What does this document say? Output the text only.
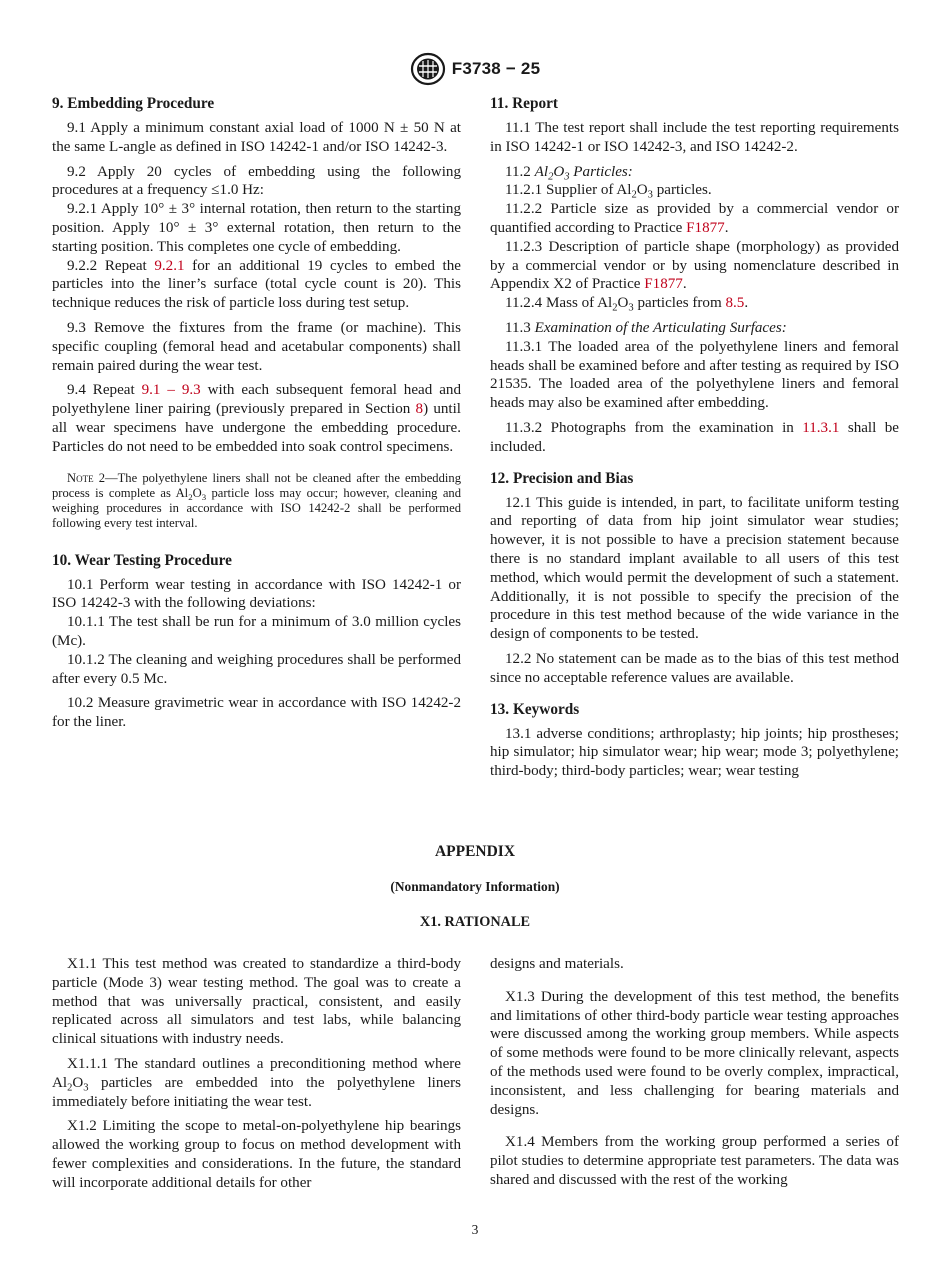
F3738 − 25
9. Embedding Procedure

9.1 Apply a minimum constant axial load of 1000 N ± 50 N at the same L-angle as defined in ISO 14242-1 and/or ISO 14242-3.

9.2 Apply 20 cycles of embedding using the following procedures at a frequency ≤1.0 Hz:

9.2.1 Apply 10° ± 3° internal rotation, then return to the starting position. Apply 10° ± 3° external rotation, then return to the starting position. This completes one cycle of embedding.

9.2.2 Repeat 9.2.1 for an additional 19 cycles to embed the particles into the liner’s surface (total cycle count is 20). This technique reduces the risk of particle loss during test setup.

9.3 Remove the fixtures from the frame (or machine). This specific coupling (femoral head and acetabular components) shall remain paired during the wear test.

9.4 Repeat 9.1 – 9.3 with each subsequent femoral head and polyethylene liner pairing (previously prepared in Section 8) until all wear specimens have undergone the embedding procedure. Particles do not need to be embedded into soak control specimens.

Note 2—The polyethylene liners shall not be cleaned after the embedding process is complete as $Al_2O_3$ particle loss may occur; however, cleaning and weighing procedures in accordance with ISO 14242-2 shall be performed following every test interval.

10. Wear Testing Procedure

10.1 Perform wear testing in accordance with ISO 14242-1 or ISO 14242-3 with the following deviations:

10.1.1 The test shall be run for a minimum of 3.0 million cycles (Mc).

10.1.2 The cleaning and weighing procedures shall be performed after every 0.5 Mc.

10.2 Measure gravimetric wear in accordance with ISO 14242-2 for the liner.

11. Report

11.1 The test report shall include the test reporting requirements in ISO 14242-1 or ISO 14242-3, and ISO 14242-2.

11.2 $Al_2O_3$ Particles:

11.2.1 Supplier of $Al_2O_3$ particles.

11.2.2 Particle size as provided by a commercial vendor or quantified according to Practice F1877.

11.2.3 Description of particle shape (morphology) as provided by a commercial vendor or by using nomenclature described in Appendix X2 of Practice F1877.

11.2.4 Mass of $Al_2O_3$ particles from 8.5.

11.3 Examination of the Articulating Surfaces:

11.3.1 The loaded area of the polyethylene liners and femoral heads shall be examined before and after testing as required by ISO 21535. The loaded area of the polyethylene liners and femoral heads may also be examined after embedding.

11.3.2 Photographs from the examination in 11.3.1 shall be included.

12. Precision and Bias

12.1 This guide is intended, in part, to facilitate uniform testing and reporting of data from hip joint simulator wear studies; however, it is not possible to have a precision statement because there is no standard implant available to all users of this test method, which would permit the development of such a statement. Additionally, it is not possible to specify the precision of the procedure in this test method because of the wide variance in the design of components to be tested.

12.2 No statement can be made as to the bias of this test method since no acceptable reference values are available.

13. Keywords

13.1 adverse conditions; arthroplasty; hip joints; hip prostheses; hip simulator; hip simulator wear; hip wear; mode 3; polyethylene; third-body; third-body particles; wear; wear testing

APPENDIX
(Nonmandatory Information)
X1. RATIONALE

X1.1 This test method was created to standardize a third-body particle (Mode 3) wear testing method. The goal was to create a method that was universally practical, consistent, and easily replicated across all simulators and test labs, while balancing clinical situations with industry needs.

X1.1.1 The standard outlines a preconditioning method where $Al_2O_3$ particles are embedded into the polyethylene liners immediately before initiating the wear test.

X1.2 Limiting the scope to metal-on-polyethylene hip bearings allowed the working group to focus on method development with fewer complexities and considerations. In the future, the standard will incorporate additional details for other

designs and materials.

X1.3 During the development of this test method, the benefits and limitations of other third-body particle wear testing approaches were discussed among the working group members. While aspects of some methods were found to be more clinically relevant, aspects of the methods used were found to be overly complex, impractical, inconsistent, and less challenging for bearing materials and designs.

X1.4 Members from the working group performed a series of pilot studies to determine appropriate test parameters. The data was shared and discussed with the rest of the working

3
